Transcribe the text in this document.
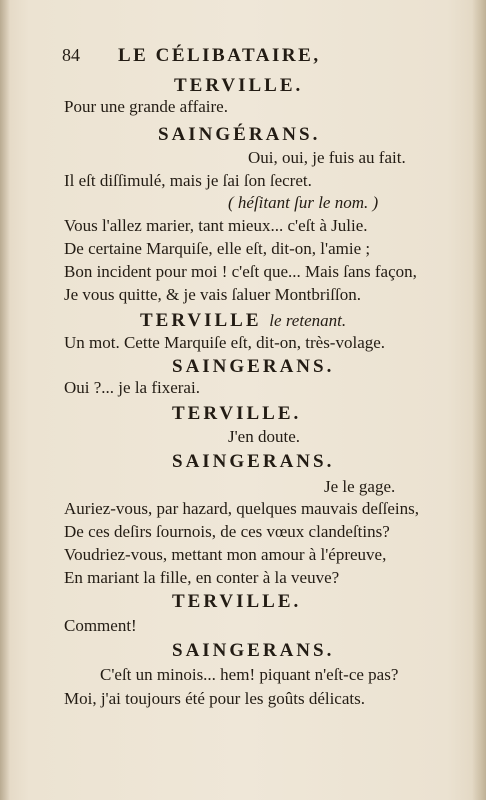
84 LE CÉLIBATAIRE,
TERVILLE.
Pour une grande affaire.
SAINGÉRANS.
Oui, oui, je fuis au fait.
Il eſt diſſimulé, mais je ſai ſon ſecret.
( héſitant ſur le nom. )
Vous l'allez marier, tant mieux... c'eſt à Julie.
De certaine Marquiſe, elle eſt, dit-on, l'amie ;
Bon incident pour moi ! c'eſt que... Mais ſans façon,
Je vous quitte, & je vais ſaluer Montbriſſon.
TERVILLE le retenant.
Un mot. Cette Marquiſe eſt, dit-on, très-volage.
SAINGERANS.
Oui ?... je la fixerai.
TERVILLE.
J'en doute.
SAINGERANS.
Je le gage.
Auriez-vous, par hazard, quelques mauvais deſſeins,
De ces deſirs ſournois, de ces vœux clandeſtins?
Voudriez-vous, mettant mon amour à l'épreuve,
En mariant la fille, en conter à la veuve?
TERVILLE.
Comment!
SAINGERANS.
C'eſt un minois... hem! piquant n'eſt-ce pas?
Moi, j'ai toujours été pour les goûts délicats.
